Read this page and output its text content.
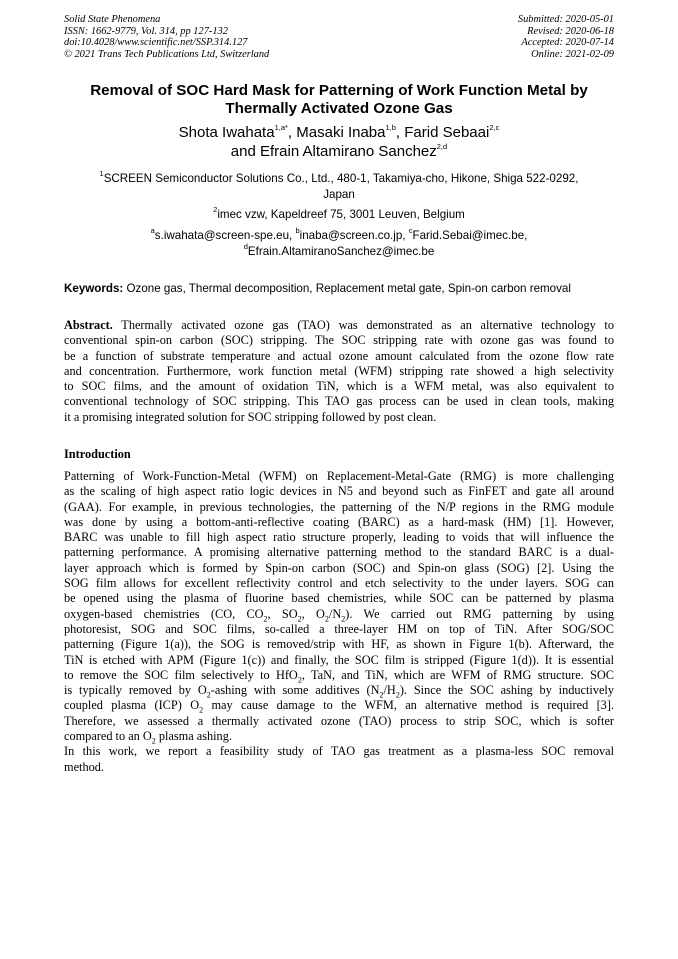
Solid State Phenomena
ISSN: 1662-9779, Vol. 314, pp 127-132
doi:10.4028/www.scientific.net/SSP.314.127
© 2021 Trans Tech Publications Ltd, Switzerland
Submitted: 2020-05-01
Revised: 2020-06-18
Accepted: 2020-07-14
Online: 2021-02-09
Removal of SOC Hard Mask for Patterning of Work Function Metal by
Thermally Activated Ozone Gas
Shota Iwahata$^{1,a*}$, Masaki Inaba$^{1,b}$, Farid Sebaai$^{2,c}$
and Efrain Altamirano Sanchez$^{2,d}$
$^1$SCREEN Semiconductor Solutions Co., Ltd., 480-1, Takamiya-cho, Hikone, Shiga 522-0292,
Japan
$^2$imec vzw, Kapeldreef 75, 3001 Leuven, Belgium
$^a$s.iwahata@screen-spe.eu, $^b$inaba@screen.co.jp, $^c$Farid.Sebai@imec.be,
$^d$Efrain.AltamiranoSanchez@imec.be
Keywords: Ozone gas, Thermal decomposition, Replacement metal gate, Spin-on carbon removal
Abstract. Thermally activated ozone gas (TAO) was demonstrated as an alternative technology to
conventional spin-on carbon (SOC) stripping. The SOC stripping rate with ozone gas was found to
be a function of substrate temperature and actual ozone amount calculated from the ozone flow rate
and concentration. Furthermore, work function metal (WFM) stripping rate showed a high selectivity
to SOC films, and the amount of oxidation TiN, which is a WFM metal, was also equivalent to
conventional technology of SOC stripping. This TAO gas process can be used in clean tools, making
it a promising integrated solution for SOC stripping followed by post clean.
Introduction
Patterning of Work-Function-Metal (WFM) on Replacement-Metal-Gate (RMG) is more challenging
as the scaling of high aspect ratio logic devices in N5 and beyond such as FinFET and gate all around
(GAA). For example, in previous technologies, the patterning of the N/P regions in the RMG module
was done by using a bottom-anti-reflective coating (BARC) as a hard-mask (HM) [1]. However,
BARC was unable to fill high aspect ratio structure properly, leading to voids that will influence the
patterning performance. A promising alternative patterning method to the standard BARC is a dual-
layer approach which is formed by Spin-on carbon (SOC) and Spin-on glass (SOG) [2]. Using the
SOG film allows for excellent reflectivity control and etch selectivity to the under layers. SOG can
be opened using the plasma of fluorine based chemistries, while SOC can be patterned by plasma
oxygen-based chemistries (CO, $CO_2$, $SO_2$, $O_2/N_2$). We carried out RMG patterning by using
photoresist, SOG and SOC films, so-called a three-layer HM on top of TiN. After SOG/SOC
patterning (Figure 1(a)), the SOG is removed/strip with HF, as shown in Figure 1(b). Afterward, the
TiN is etched with APM (Figure 1(c)) and finally, the SOC film is stripped (Figure 1(d)). It is essential
to remove the SOC film selectively to HfO$_2$, TaN, and TiN, which are WFM of RMG structure. SOC
is typically removed by $O_2$-ashing with some additives $(N_2/H_2)$. Since the SOC ashing by inductively
coupled plasma (ICP) $O_2$ may cause damage to the WFM, an alternative method is required [3].
Therefore, we assessed a thermally activated ozone (TAO) process to strip SOC, which is softer
compared to an $O_2$ plasma ashing.
In this work, we report a feasibility study of TAO gas treatment as a plasma-less SOC removal
method.
